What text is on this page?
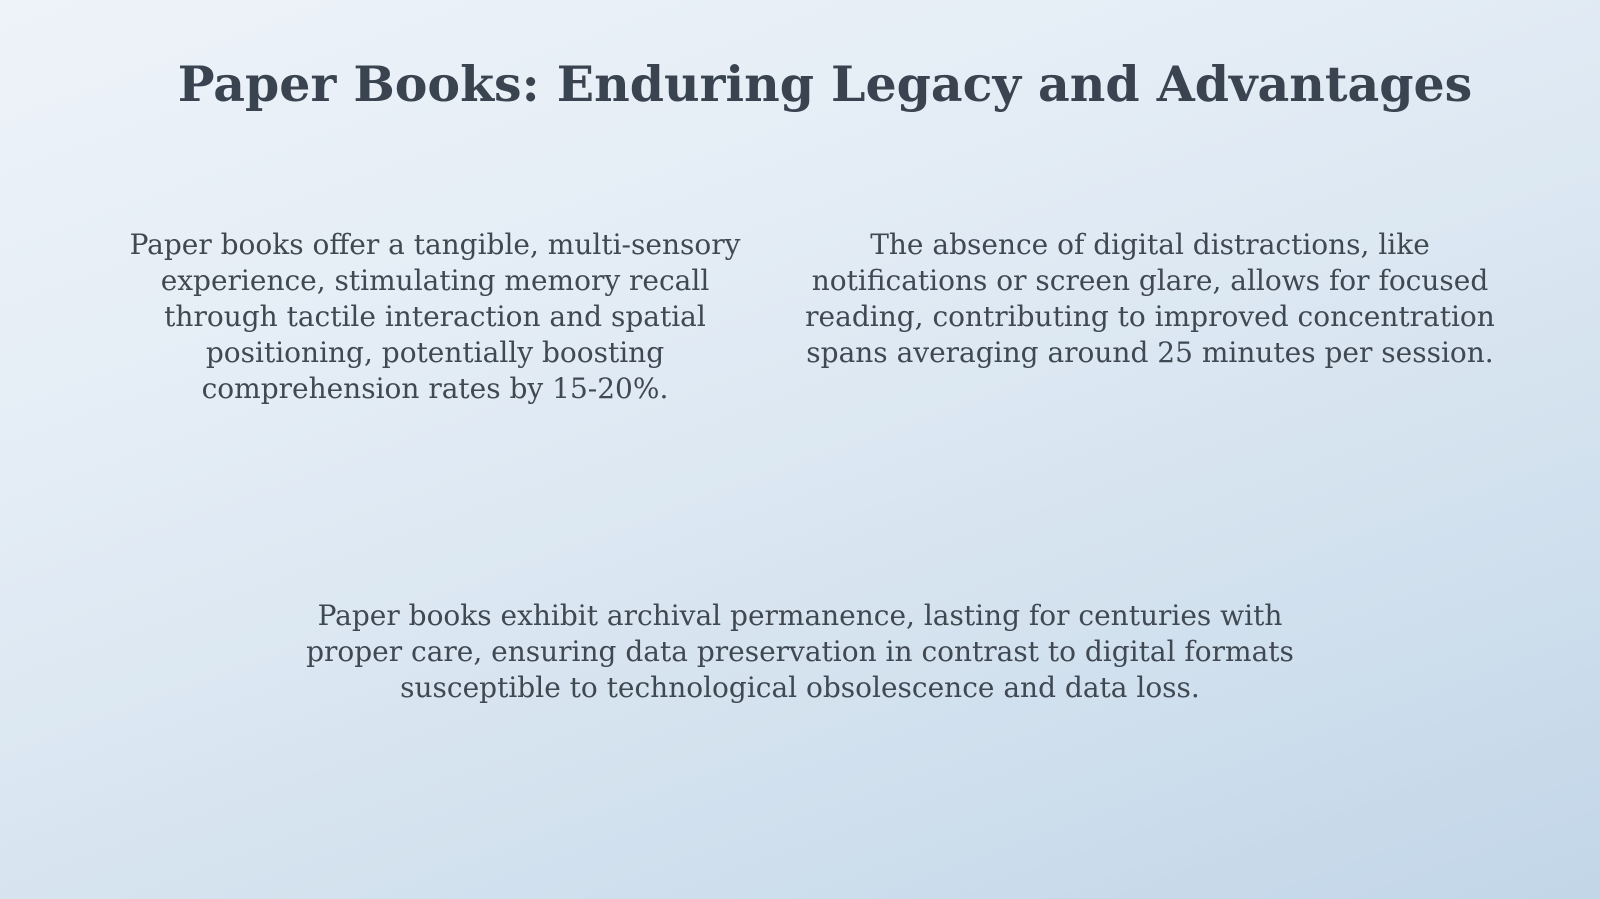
Paper Books: Enduring Legacy and Advantages

Paper books offer a tangible, multi-sensory experience, stimulating memory recall through tactile interaction and spatial positioning, potentially boosting comprehension rates by 15-20%.

The absence of digital distractions, like notifications or screen glare, allows for focused reading, contributing to improved concentration spans averaging around 25 minutes per session.

Paper books exhibit archival permanence, lasting for centuries with proper care, ensuring data preservation in contrast to digital formats susceptible to technological obsolescence and data loss.
